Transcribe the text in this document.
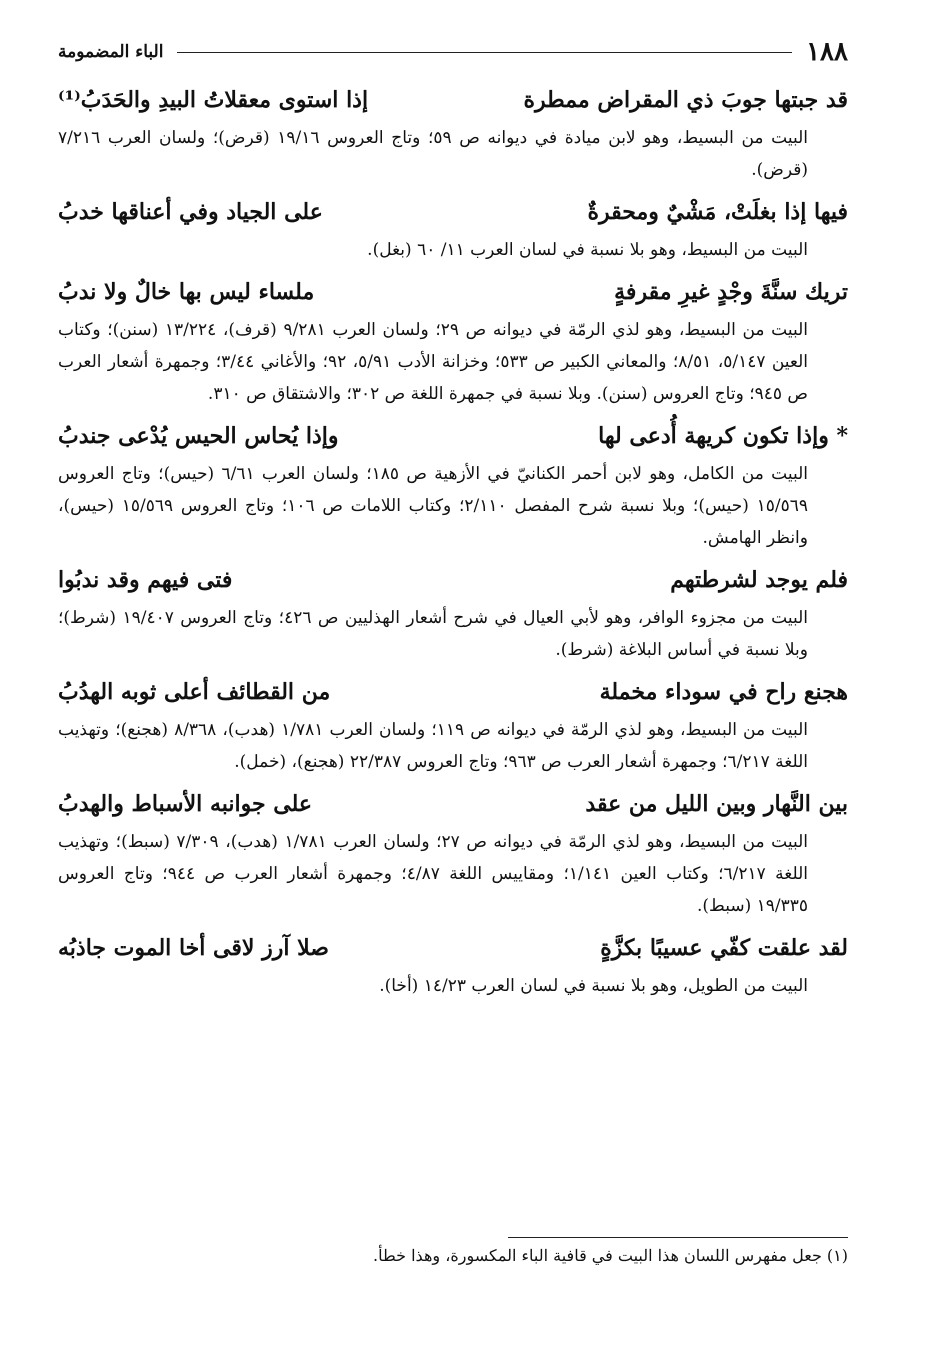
١٨٨
الباء المضمومة
قد جبتها جوبَ ذي المقراض ممطرة
إذا استوى معقلاتُ البيدِ والحَدَبُ⁽¹⁾
البيت من البسيط، وهو لابن ميادة في ديوانه ص ٥٩؛ وتاج العروس ١٩/١٦ (قرض)؛ ولسان العرب ٧/٢١٦ (قرض).
فيها إذا بغلَتْ، مَشْيٌ ومحقرةٌ
على الجياد وفي أعناقها خدبُ
البيت من البسيط، وهو بلا نسبة في لسان العرب ١١/ ٦٠ (بغل).
تريك سنَّةَ وجْدٍ غيرِ مقرفةٍ
ملساء ليس بها خالٌ ولا ندبُ
البيت من البسيط، وهو لذي الرمّة في ديوانه ص ٢٩؛ ولسان العرب ٩/٢٨١ (قرف)، ١٣/٢٢٤ (سنن)؛ وكتاب العين ٥/١٤٧، ٨/٥١؛ والمعاني الكبير ص ٥٣٣؛ وخزانة الأدب ٥/٩١، ٩٢؛ والأغاني ٣/٤٤؛ وجمهرة أشعار العرب ص ٩٤٥؛ وتاج العروس (سنن). وبلا نسبة في جمهرة اللغة ص ٣٠٢؛ والاشتقاق ص ٣١٠.
* وإذا تكون كريهة أُدعى لها
وإذا يُحاس الحيس يُدْعى جندبُ
البيت من الكامل، وهو لابن أحمر الكنانيّ في الأزهية ص ١٨٥؛ ولسان العرب ٦/٦١ (حيس)؛ وتاج العروس ١٥/٥٦٩ (حيس)؛ وبلا نسبة شرح المفصل ٢/١١٠؛ وكتاب اللامات ص ١٠٦؛ وتاج العروس ١٥/٥٦٩ (حيس)، وانظر الهامش.
فلم يوجد لشرطتهم
فتى فيهم وقد ندبُوا
البيت من مجزوء الوافر، وهو لأبي العيال في شرح أشعار الهذليين ص ٤٢٦؛ وتاج العروس ١٩/٤٠٧ (شرط)؛ وبلا نسبة في أساس البلاغة (شرط).
هجنع راح في سوداء مخملة
من القطائف أعلى ثوبه الهدُبُ
البيت من البسيط، وهو لذي الرمّة في ديوانه ص ١١٩؛ ولسان العرب ١/٧٨١ (هدب)، ٨/٣٦٨ (هجنع)؛ وتهذيب اللغة ٦/٢١٧؛ وجمهرة أشعار العرب ص ٩٦٣؛ وتاج العروس ٢٢/٣٨٧ (هجنع)، (خمل).
بين النَّهار وبين الليل من عقد
على جوانبه الأسباط والهدبُ
البيت من البسيط، وهو لذي الرمّة في ديوانه ص ٢٧؛ ولسان العرب ١/٧٨١ (هدب)، ٧/٣٠٩ (سبط)؛ وتهذيب اللغة ٦/٢١٧؛ وكتاب العين ١/١٤١؛ ومقاييس اللغة ٤/٨٧؛ وجمهرة أشعار العرب ص ٩٤٤؛ وتاج العروس ١٩/٣٣٥ (سبط).
لقد علقت كفّي عسيبًا بكزَّةٍ
صلا آرز لاقى أخا الموت جاذبُه
البيت من الطويل، وهو بلا نسبة في لسان العرب ١٤/٢٣ (أخا).
(١) جعل مفهرس اللسان هذا البيت في قافية الباء المكسورة، وهذا خطأ.
